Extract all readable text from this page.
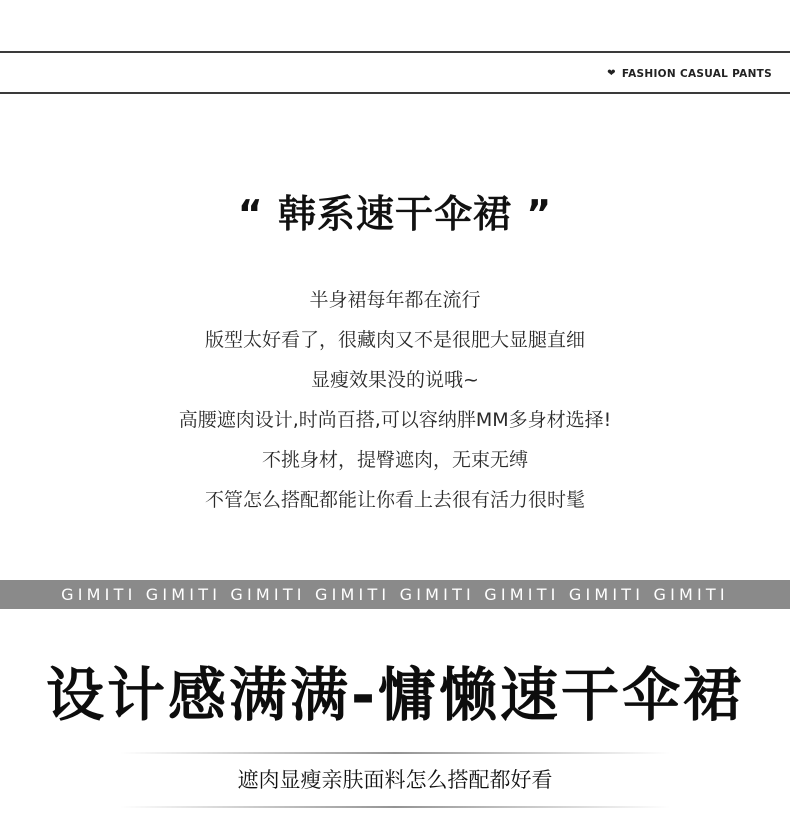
❤ FASHION CASUAL PANTS
“ 韩系速干伞裙 ”
半身裙每年都在流行
版型太好看了，很藏肉又不是很肥大显腿直细
显瘦效果没的说哦~
高腰遮肉设计,时尚百搭,可以容纳胖MM多身材选择!
不挑身材，提臀遮肉，无束无缚
不管怎么搭配都能让你看上去很有活力很时髦
GIMITI GIMITI GIMITI GIMITI GIMITI GIMITI GIMITI GIMITI
设计感满满-慵懒速干伞裙
遮肉显瘦亲肤面料怎么搭配都好看
